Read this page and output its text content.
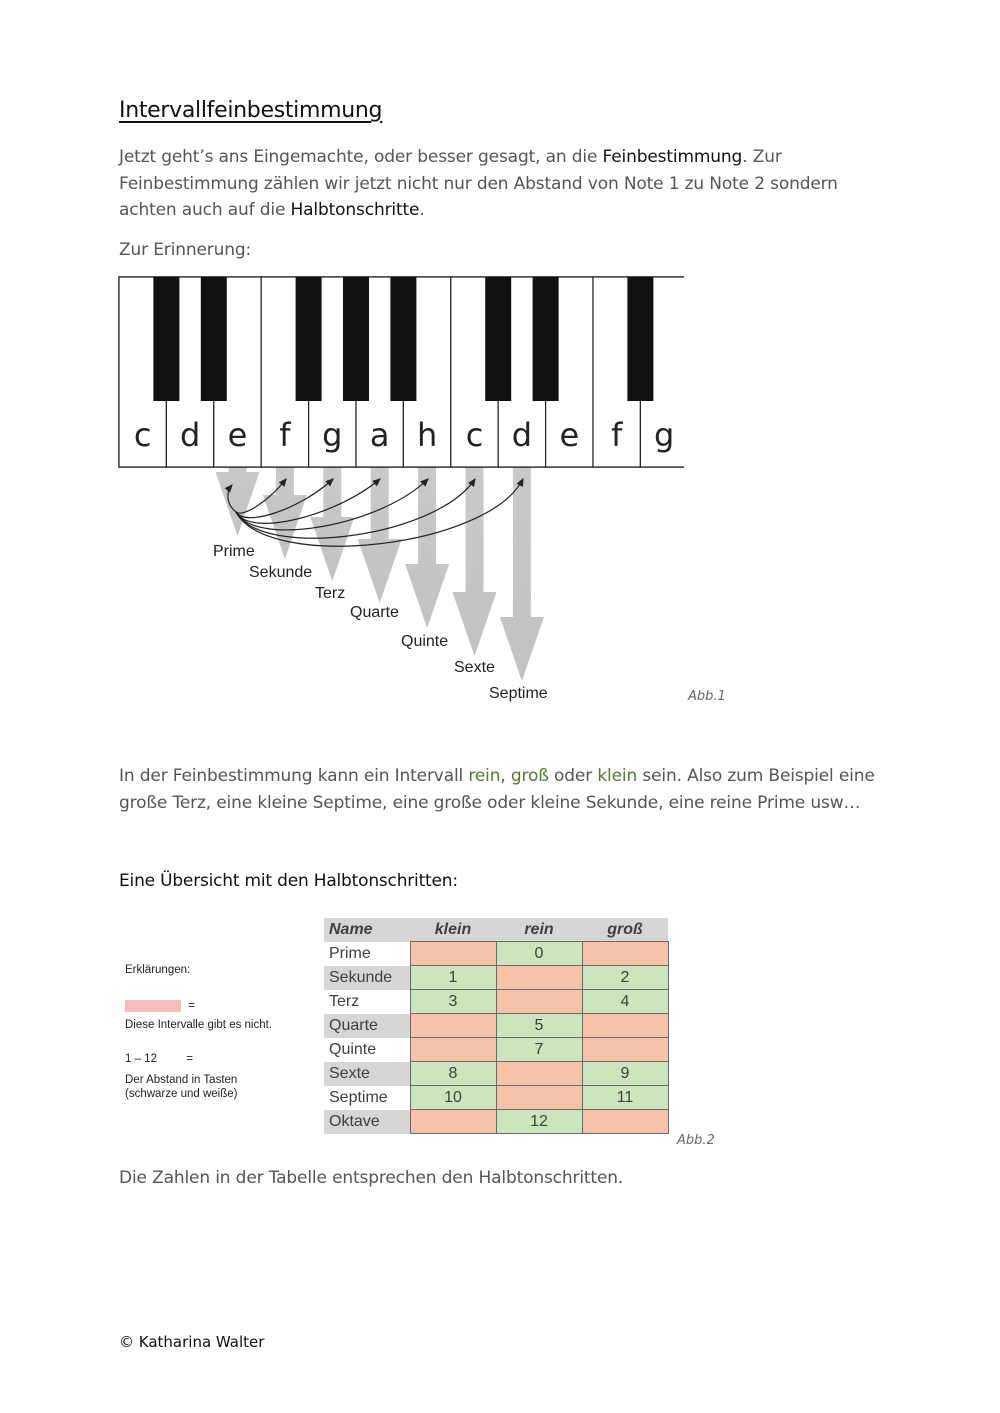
Intervallfeinbestimmung

Jetzt geht’s ans Eingemachte, oder besser gesagt, an die Feinbestimmung. Zur Feinbestimmung zählen wir jetzt nicht nur den Abstand von Note 1 zu Note 2 sondern achten auch auf die Halbtonschritte.

Zur Erinnerung:

c d e f g a h c d e f g
Prime
Sekunde
Terz
Quarte
Quinte
Sexte
Septime	Abb.1

In der Feinbestimmung kann ein Intervall rein, groß oder klein sein. Also zum Beispiel eine große Terz, eine kleine Septime, eine große oder kleine Sekunde, eine reine Prime usw…

Eine Übersicht mit den Halbtonschritten:
Erklärungen:
=
Diese Intervalle gibt es nicht.
1 – 12	=
Der Abstand in Tasten
(schwarze und weiße)
Name	klein	rein	groß
Prime		0	
Sekunde	1		2
Terz	3		4
Quarte		5	
Quinte		7	
Sexte	8		9
Septime	10		11
Oktave		12	
Abb.2

Die Zahlen in der Tabelle entsprechen den Halbtonschritten.

© Katharina Walter
